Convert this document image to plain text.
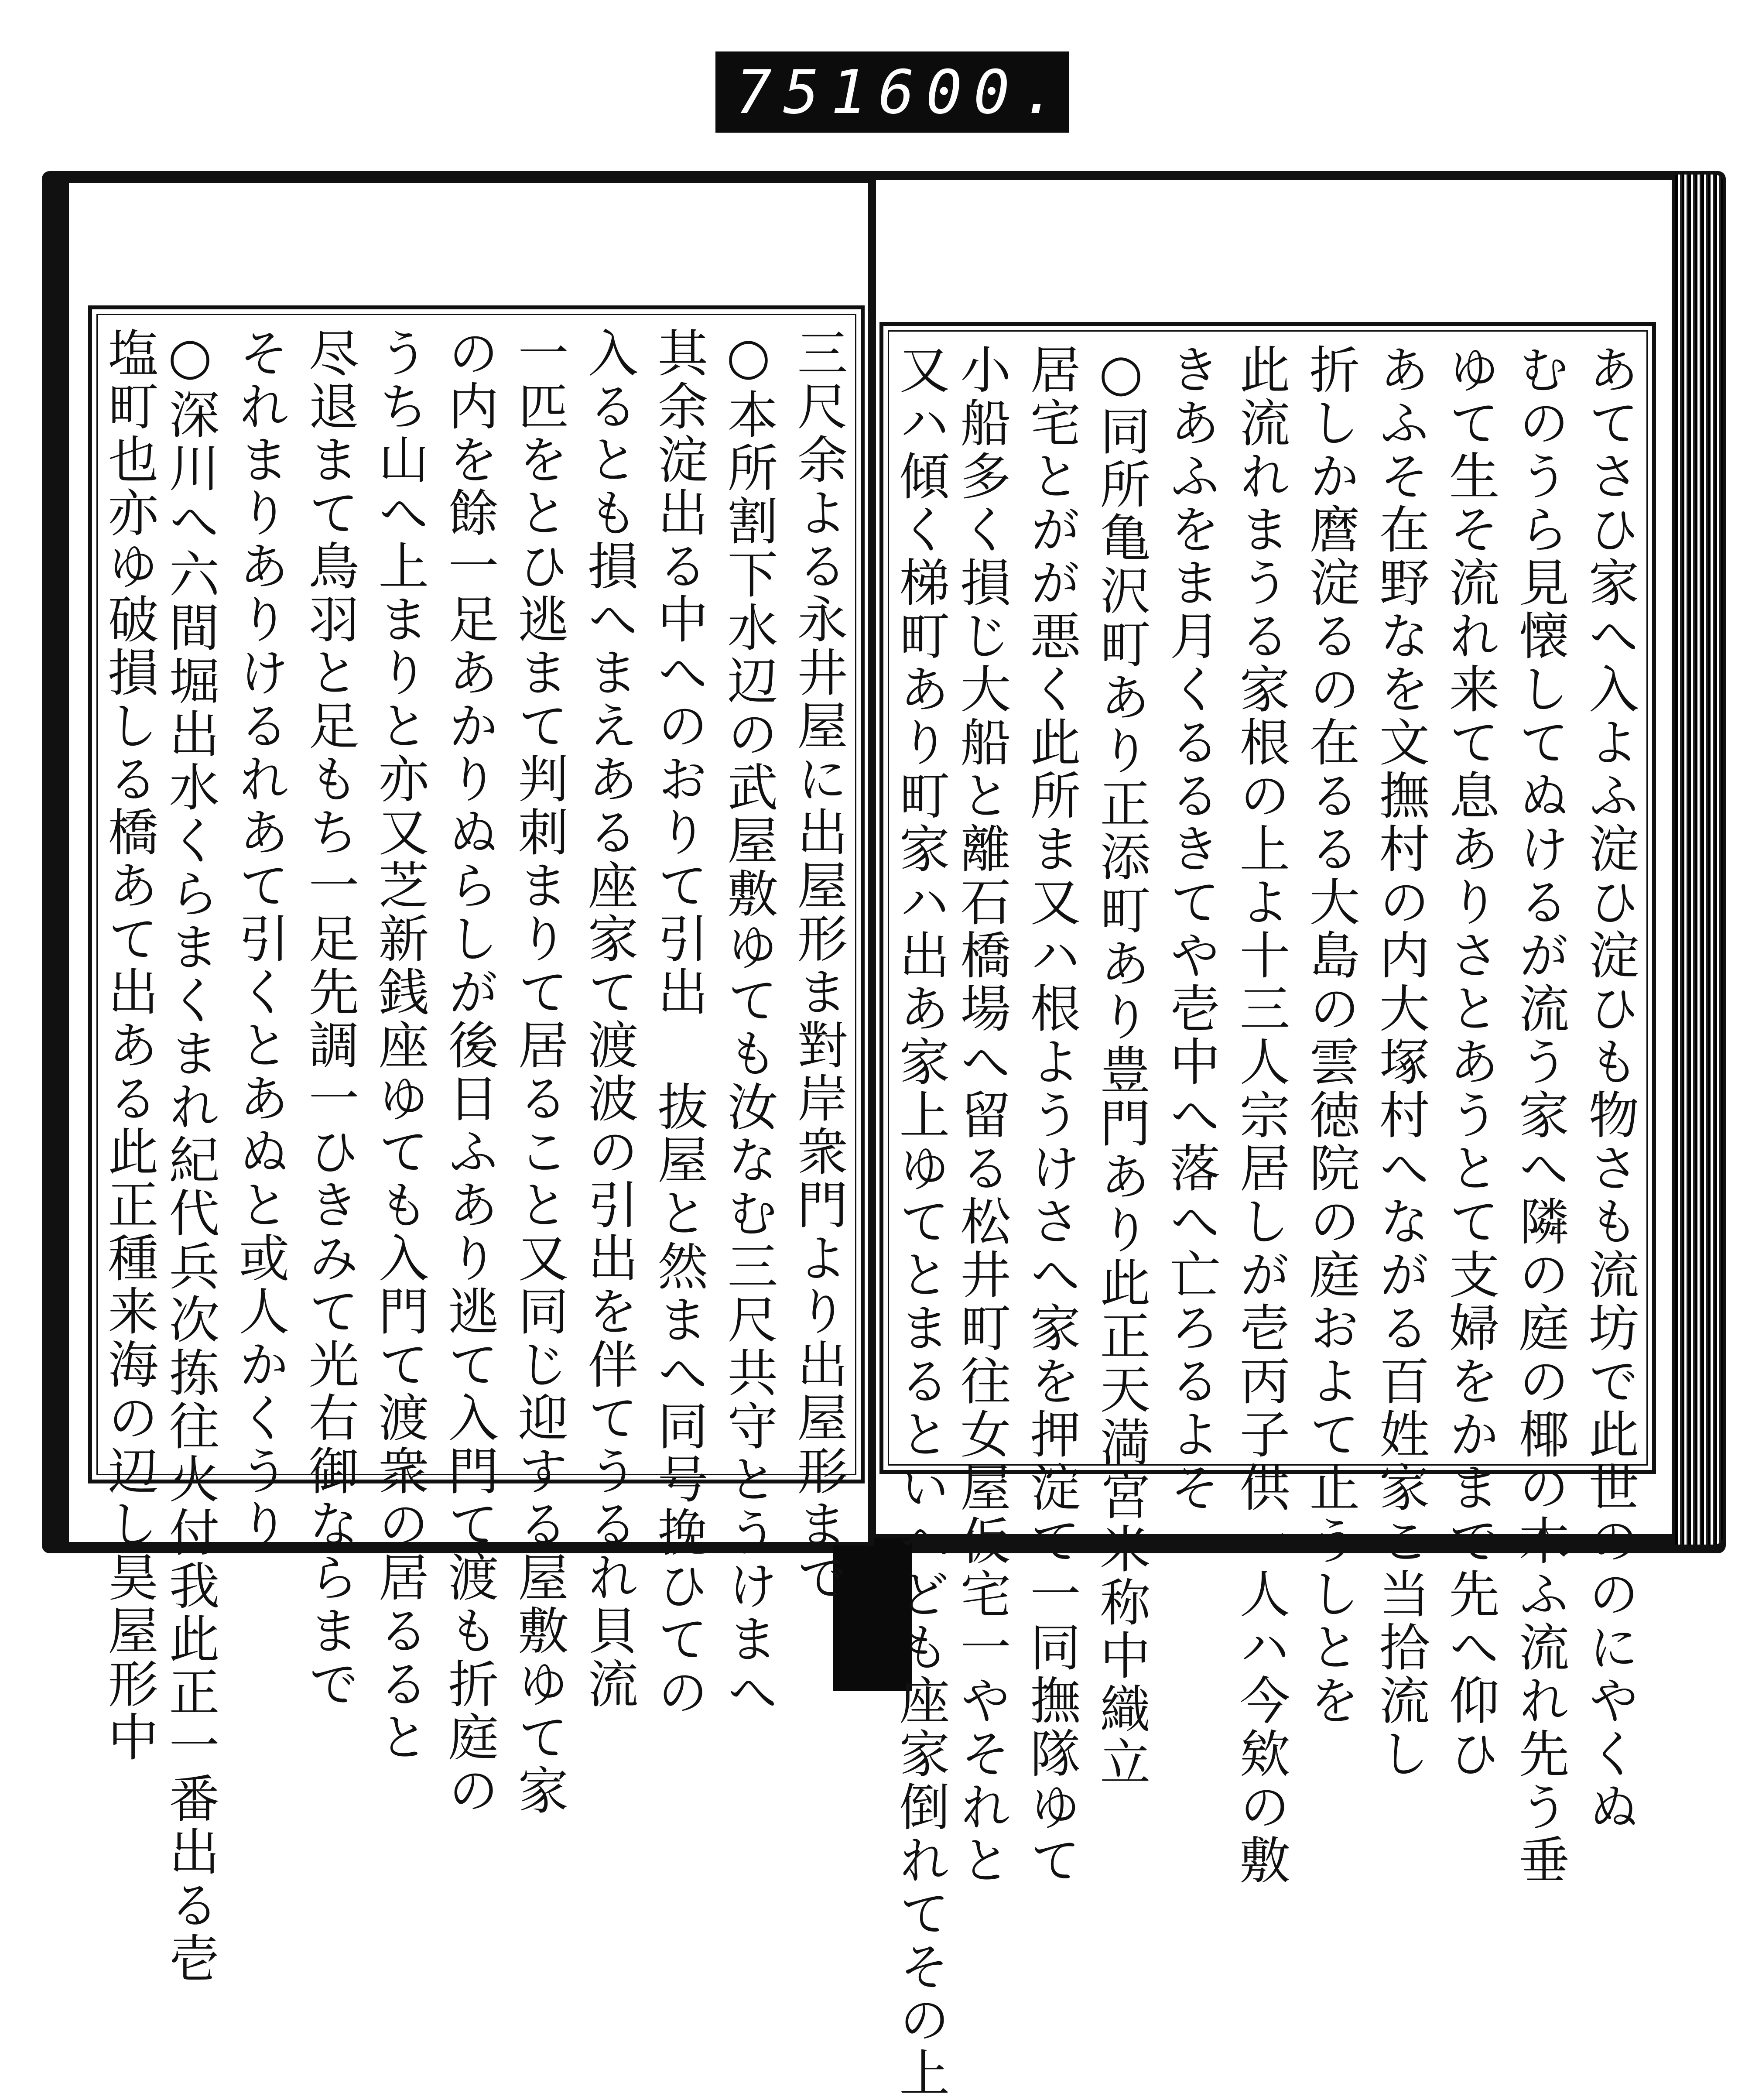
751 600.
あてさひ家へ入よふ淀ひ淀ひも物さも流坊で此世ののにやくぬ
むのうら見懐してぬけるが流う家へ隣の庭の椰の木ふ流れ先う垂
ゆて生そ流れ来て息ありさとあうとて支婦をかまで先へ仰ひ
あふそ在野なを文撫村の内大塚村へながる百姓家こ当拾流し
折しか麿淀るの在るる大島の雲徳院の庭およて止うしとを
此流れまうる家根の上よ十三人宗居しが壱丙子供一人ハ今欸の敷
きあふをま月くるるきてや壱中へ落へ亡ろるよそ
○同所亀沢町あり正添町あり豊門あり此正天満宮米称中織立
居宅とがが悪く此所ま又ハ根ようけさへ家を押淀て一同撫隊ゆて
小船多く損じ大船と離石橋場へ留る松井町往女屋仮宅一やそれと
又ハ傾く梯町あり町家ハ出あ家上ゆてとまるといへども座家倒れてその上
三尺余よる永井屋に出屋形ま對岸衆門より出屋形まで
○本所割下水辺の武屋敷ゆても汝なむ三尺共守とうけまへ
其余淀出る中へのおりて引出 抜屋と然まへ同号挽ひての
入るとも損へまえある座家て渡波の引出を伴てうるれ貝流
一匹をとひ逃まて判刺まりて居ること又同じ迎する屋敷ゆて家
の内を餘一足あかりぬらしが後日ふあり逃て入門て渡も折庭の
うち山へ上まりと亦又芝新銭座ゆても入門て渡衆の居るると
尽退まて鳥羽と足もち一足先調一ひきみて光右御ならまで
それまりありけるれあて引くとあぬと或人かくうり
○深川へ六間堀出水くらまくまれ紀代兵次拣往火付我此正一番出る壱
塩町也亦ゆ破損しる橋あて出ある此正種来海の辺し昊屋形中
